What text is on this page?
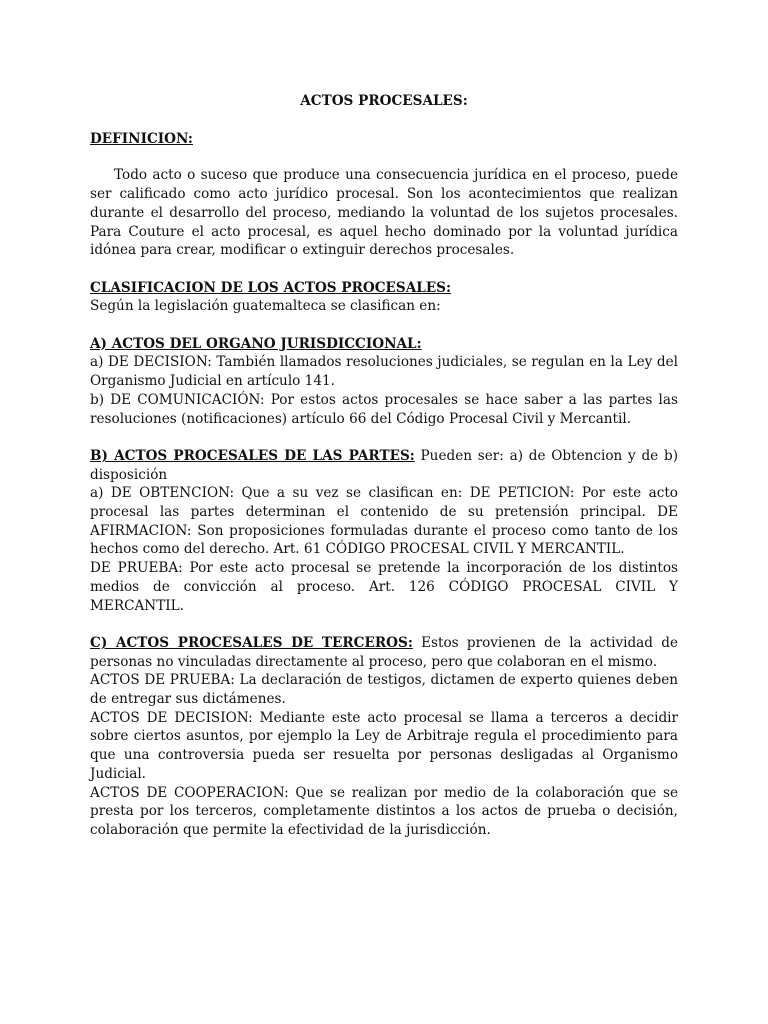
ACTOS PROCESALES:

DEFINICION:

Todo acto o suceso que produce una consecuencia jurídica en el proceso, puede ser calificado como acto jurídico procesal. Son los acontecimientos que realizan durante el desarrollo del proceso, mediando la voluntad de los sujetos procesales. Para Couture el acto procesal, es aquel hecho dominado por la voluntad jurídica idónea para crear, modificar o extinguir derechos procesales.

CLASIFICACION DE LOS ACTOS PROCESALES:

Según la legislación guatemalteca se clasifican en:

A) ACTOS DEL ORGANO JURISDICCIONAL:

a) DE DECISION: También llamados resoluciones judiciales, se regulan en la Ley del Organismo Judicial en artículo 141.

b) DE COMUNICACIÓN: Por estos actos procesales se hace saber a las partes las resoluciones (notificaciones) artículo 66 del Código Procesal Civil y Mercantil.

B) ACTOS PROCESALES DE LAS PARTES: Pueden ser: a) de Obtencion y de b) disposición

a) DE OBTENCION: Que a su vez se clasifican en: DE PETICION: Por este acto procesal las partes determinan el contenido de su pretensión principal. DE AFIRMACION: Son proposiciones formuladas durante el proceso como tanto de los hechos como del derecho. Art. 61 CÓDIGO PROCESAL CIVIL Y MERCANTIL.

DE PRUEBA: Por este acto procesal se pretende la incorporación de los distintos medios de convicción al proceso. Art. 126 CÓDIGO PROCESAL CIVIL Y MERCANTIL.

C) ACTOS PROCESALES DE TERCEROS: Estos provienen de la actividad de personas no vinculadas directamente al proceso, pero que colaboran en el mismo.

ACTOS DE PRUEBA: La declaración de testigos, dictamen de experto quienes deben de entregar sus dictámenes.

ACTOS DE DECISION: Mediante este acto procesal se llama a terceros a decidir sobre ciertos asuntos, por ejemplo la Ley de Arbitraje regula el procedimiento para que una controversia pueda ser resuelta por personas desligadas al Organismo Judicial.

ACTOS DE COOPERACION: Que se realizan por medio de la colaboración que se presta por los terceros, completamente distintos a los actos de prueba o decisión, colaboración que permite la efectividad de la jurisdicción.
